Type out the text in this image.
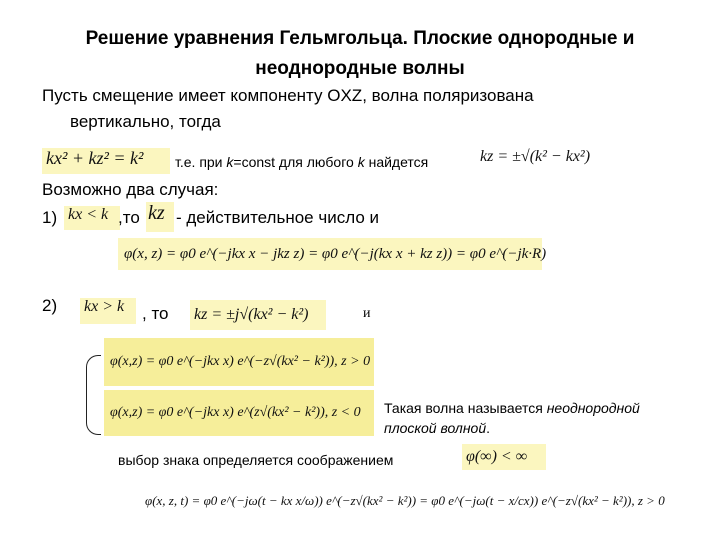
Решение уравнения Гельмгольца. Плоские однородные и
неоднородные волны
Пусть смещение имеет компоненту OXZ, волна поляризована
вертикально, тогда
kx² + kz² = k²	т.е. при k=const для любого k найдется	kz = ±√(k² − kx²)
Возможно два случая:
1) kx < k ,то kz - действительное число и
φ(x, z) = φ0 e^(−jkx x − jkz z) = φ0 e^(−j(kx x + kz z)) = φ0 e^(−jk·R)
2) kx > k	, то kz = ±j√(kx² − k²)	и
φ(x,z) = φ0 e^(−jkx x) e^(−z√(kx² − k²)), z > 0
φ(x,z) = φ0 e^(−jkx x) e^(z√(kx² − k²)), z < 0	Такая волна называется неоднородной
плоской волной.
выбор знака определяется соображением	φ(∞) < ∞
φ(x, z, t) = φ0 e^(−jω(t − kx x/ω)) e^(−z√(kx² − k²)) = φ0 e^(−jω(t − x/cx)) e^(−z√(kx² − k²)), z > 0
